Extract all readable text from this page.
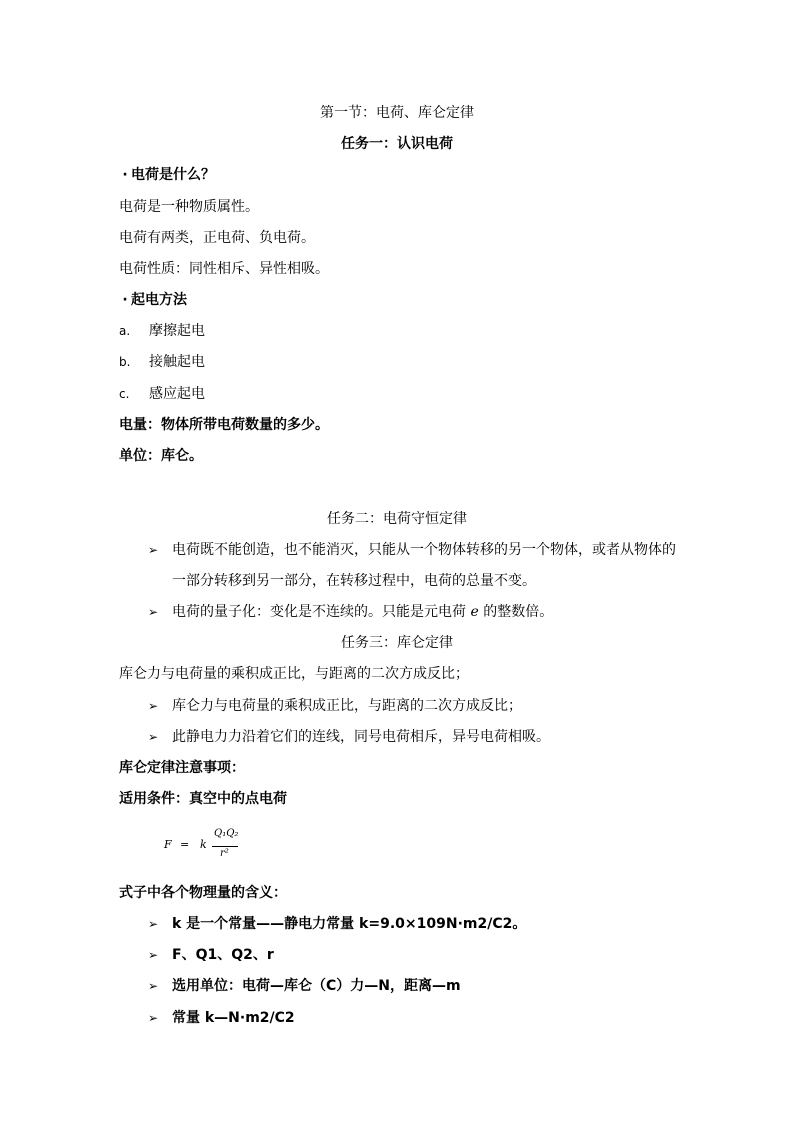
第一节：电荷、库仑定律
任务一：认识电荷
· 电荷是什么？
电荷是一种物质属性。
电荷有两类，正电荷、负电荷。
电荷性质：同性相斥、异性相吸。
· 起电方法
a. 摩擦起电
b. 接触起电
c. 感应起电
电量：物体所带电荷数量的多少。
单位：库仑。
任务二：电荷守恒定律
➢ 电荷既不能创造，也不能消灭，只能从一个物体转移的另一个物体，或者从物体的
一部分转移到另一部分，在转移过程中，电荷的总量不变。
➢ 电荷的量子化：变化是不连续的。只能是元电荷 e 的整数倍。
任务三：库仑定律
库仑力与电荷量的乘积成正比，与距离的二次方成反比；
➢ 库仑力与电荷量的乘积成正比，与距离的二次方成反比；
➢ 此静电力力沿着它们的连线，同号电荷相斥，异号电荷相吸。
库仑定律注意事项：
适用条件：真空中的点电荷
F = k
Q₁Q₂
r²
式子中各个物理量的含义：
➢ k 是一个常量——静电力常量 k=9.0×109N·m2/C2。
➢ F、Q1、Q2、r
➢ 选用单位：电荷—库仑（C）力—N，距离—m
➢ 常量 k—N·m2/C2
